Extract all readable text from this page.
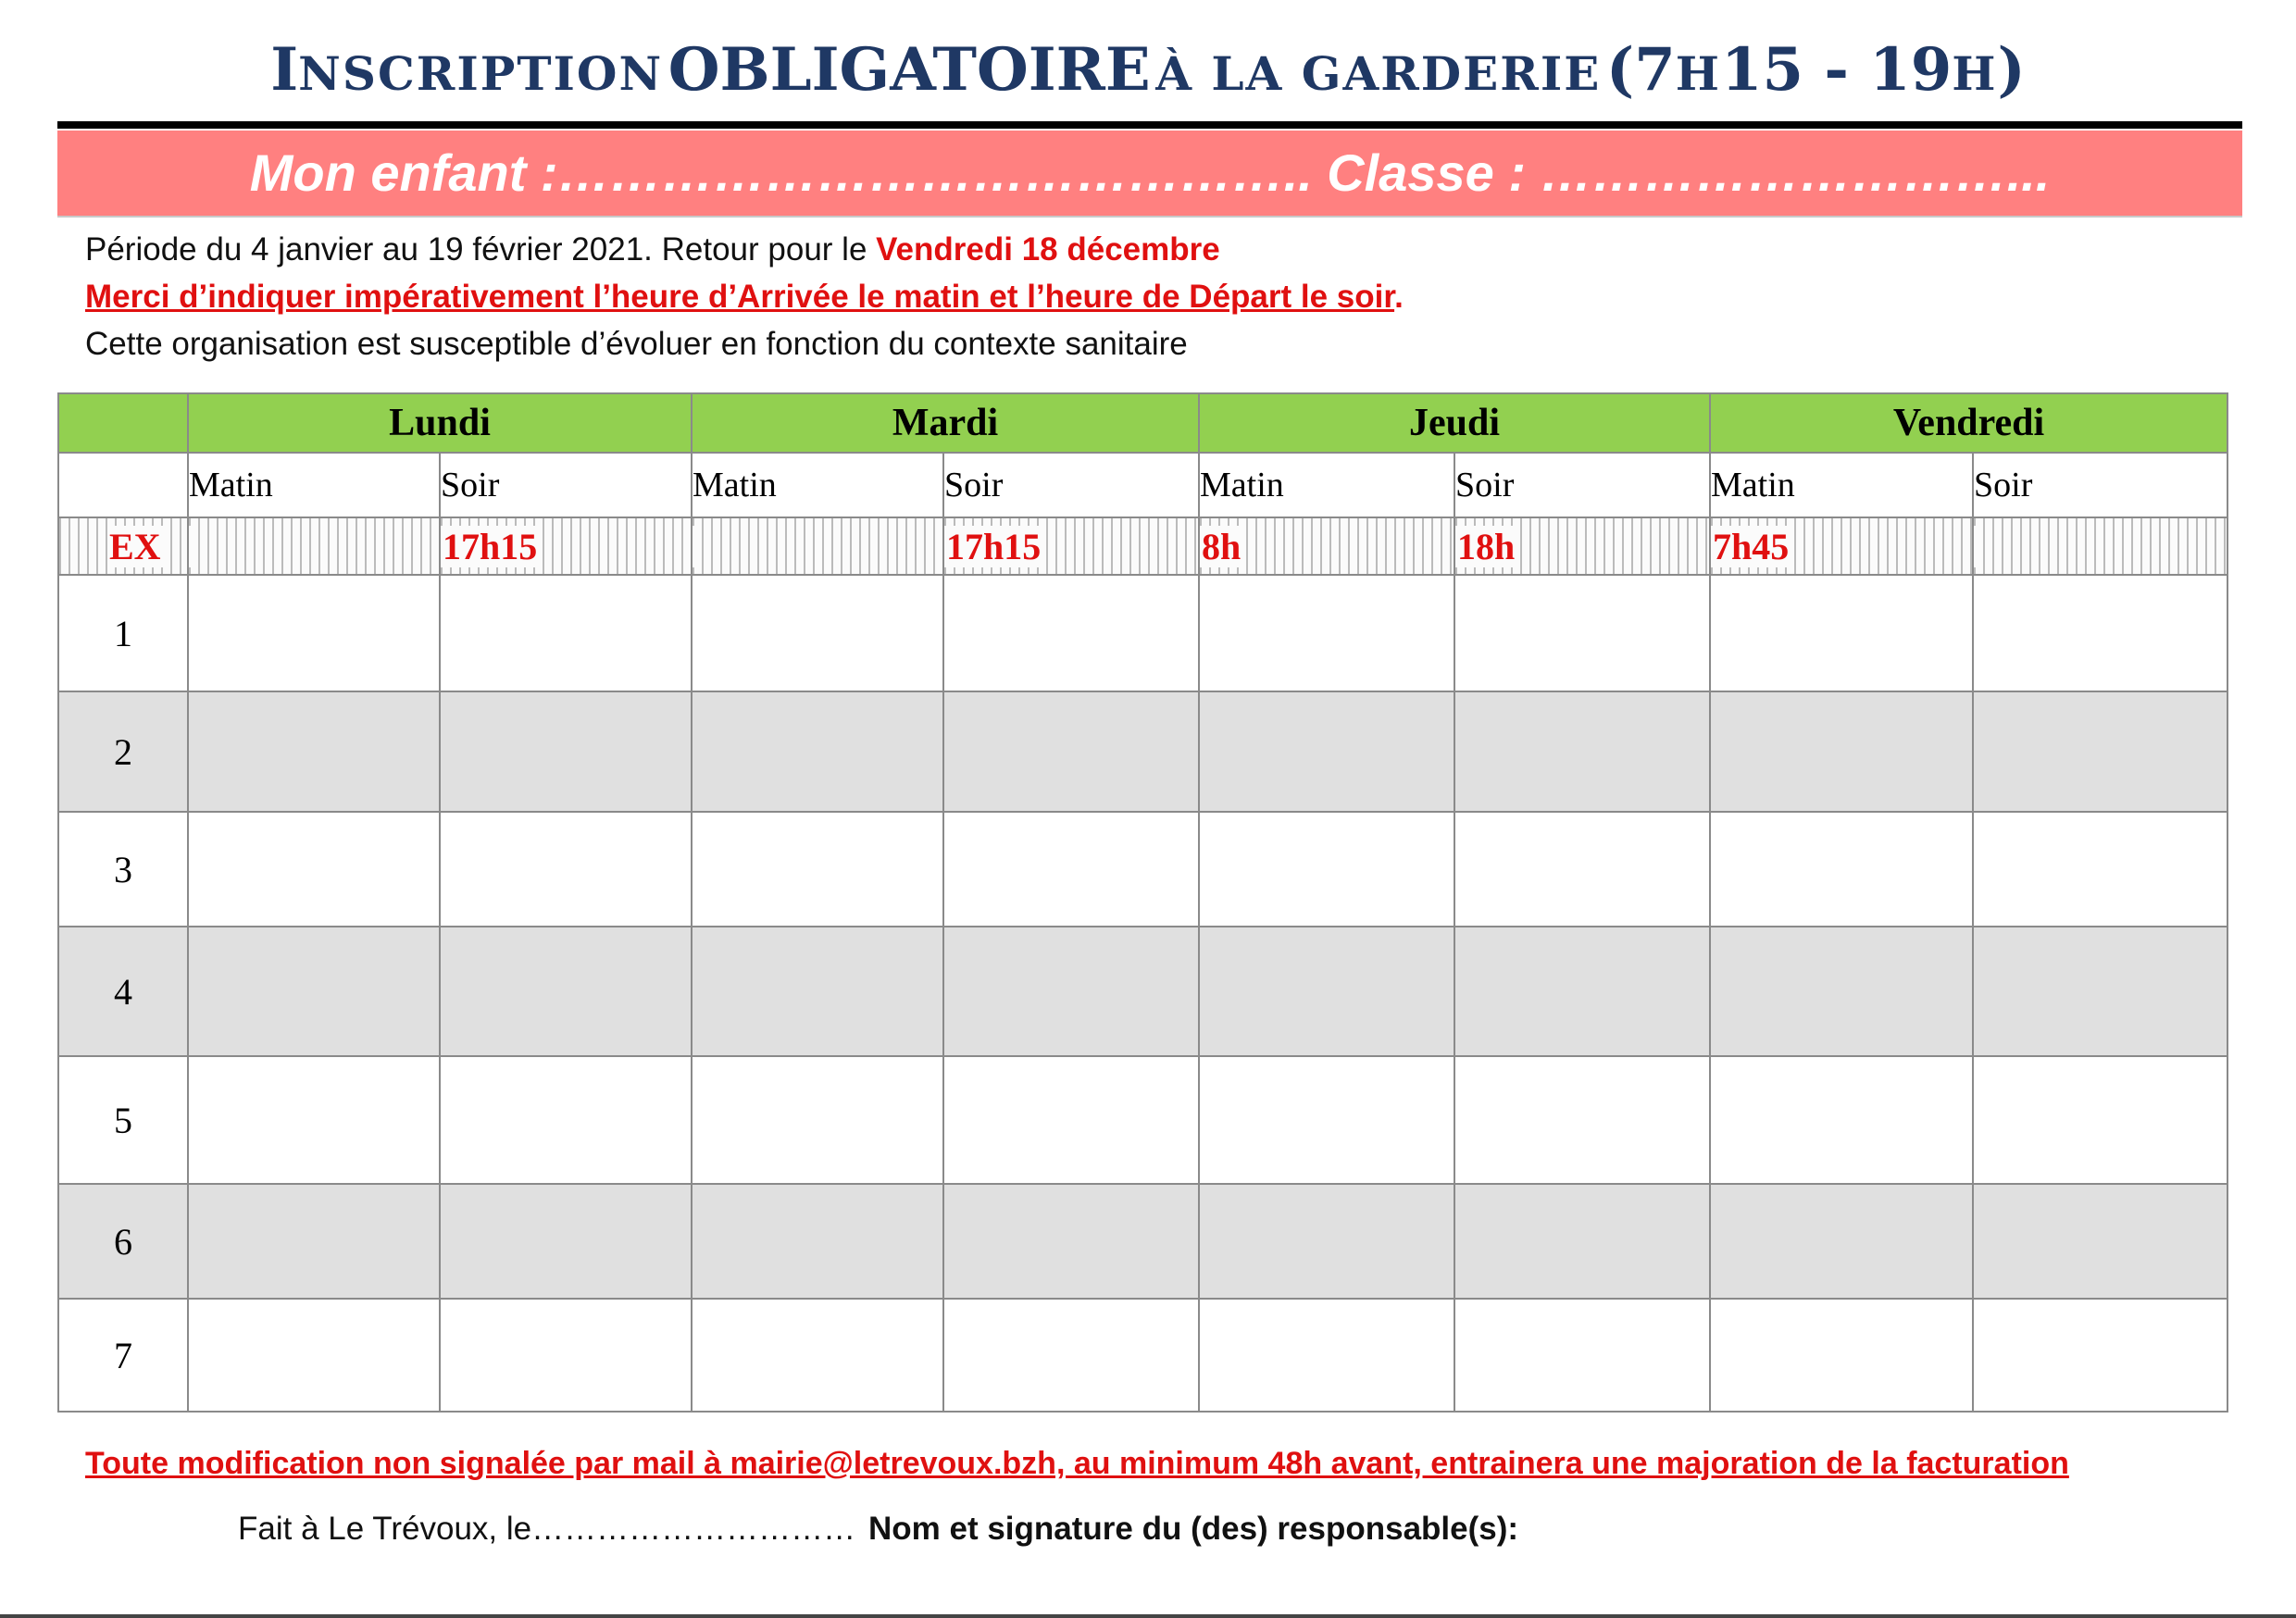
INSCRIPTION OBLIGATOIRE À LA GARDERIE (7H15 - 19H)
Mon enfant :…………………………………….. Classe : ………………………...
Période du 4 janvier au 19 février 2021. Retour pour le Vendredi 18 décembre
Merci d’indiquer impérativement l’heure d’Arrivée le matin et l’heure de Départ le soir.
Cette organisation est susceptible d’évoluer en fonction du contexte sanitaire
	Lundi		Mardi		Jeudi		Vendredi	
	Matin	Soir	Matin	Soir	Matin	Soir	Matin	Soir
EX		17h15		17h15	8h	18h	7h45	
1								
2								
3								
4								
5								
6								
7								
Toute modification non signalée par mail à mairie@letrevoux.bzh, au minimum 48h avant, entrainera une majoration de la facturation
Fait à Le Trévoux, le………………………… Nom et signature du (des) responsable(s):
